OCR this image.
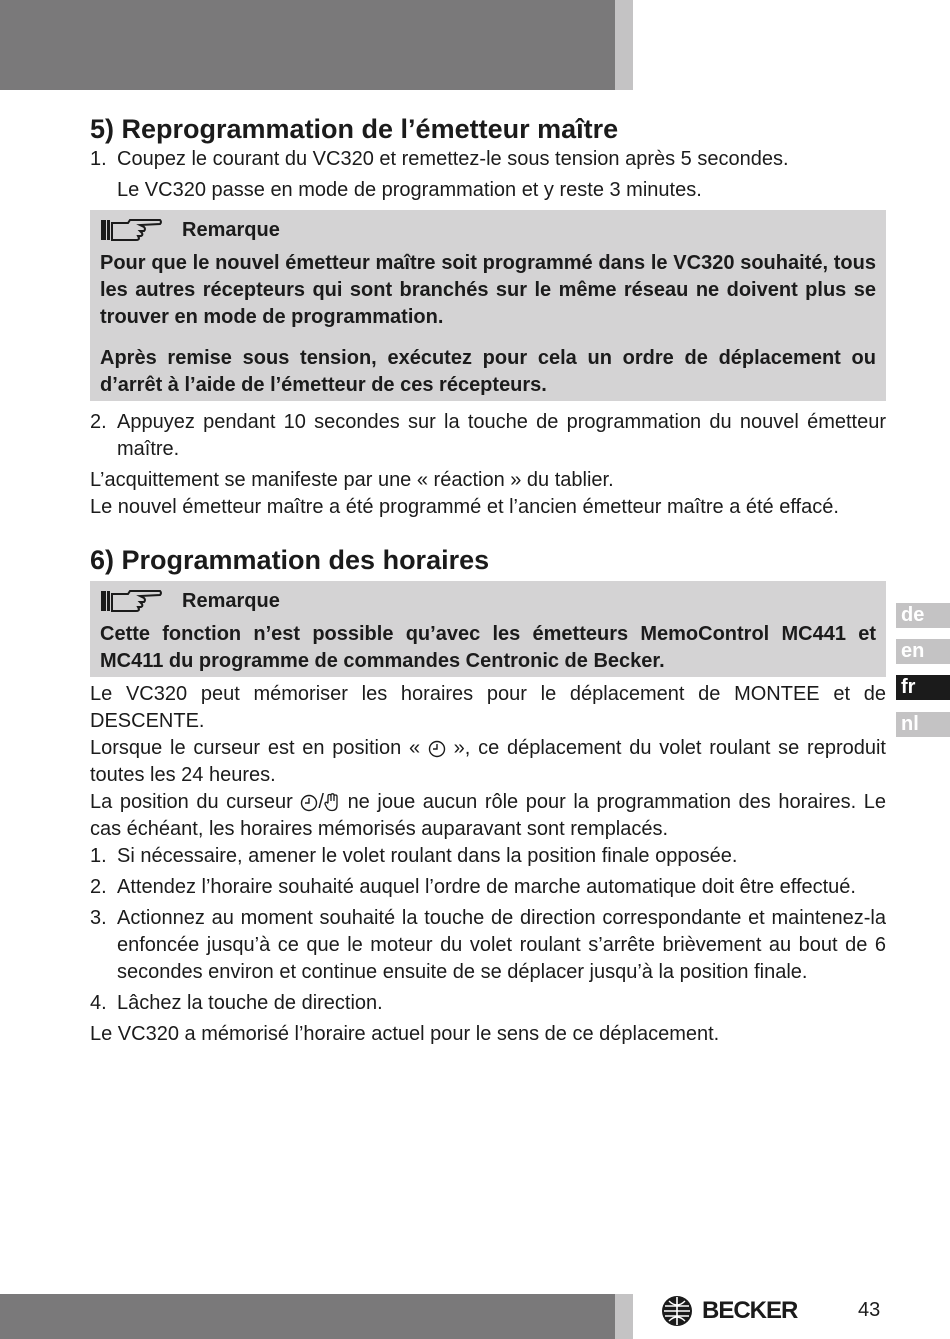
5) Reprogrammation de l’émetteur maître
1. Coupez le courant du VC320 et remettez-le sous tension après 5 secondes.
Le VC320 passe en mode de programmation et y reste 3 minutes.
Remarque
Pour que le nouvel émetteur maître soit programmé dans le VC320 souhaité, tous les autres récepteurs qui sont branchés sur le même réseau ne doivent plus se trouver en mode de programmation.
Après remise sous tension, exécutez pour cela un ordre de déplacement ou d’arrêt à l’aide de l’émetteur de ces récepteurs.
2. Appuyez pendant 10 secondes sur la touche de programmation du nouvel émetteur maître.

L’acquittement se manifeste par une « réaction » du tablier.

Le nouvel émetteur maître a été programmé et l’ancien émetteur maître a été effacé.

6) Programmation des horaires
Remarque
Cette fonction n’est possible qu’avec les émetteurs MemoControl MC441 et MC411 du programme de commandes Centronic de Becker.

Le VC320 peut mémoriser les horaires pour le déplacement de MONTEE et de DESCENTE.

Lorsque le curseur est en position « », ce déplacement du volet roulant se reproduit toutes les 24 heures.

La position du curseur / ne joue aucun rôle pour la programmation des horaires. Le cas échéant, les horaires mémorisés auparavant sont remplacés.

1. Si nécessaire, amener le volet roulant dans la position finale opposée.
2. Attendez l’horaire souhaité auquel l’ordre de marche automatique doit être effectué.
3. Actionnez au moment souhaité la touche de direction correspondante et maintenez-la enfoncée jusqu’à ce que le moteur du volet roulant s’arrête brièvement au bout de 6 secondes environ et continue ensuite de se déplacer jusqu’à la position finale.
4. Lâchez la touche de direction.

Le VC320 a mémorisé l’horaire actuel pour le sens de ce déplacement.

de
en
fr
nl
BECKER	43
